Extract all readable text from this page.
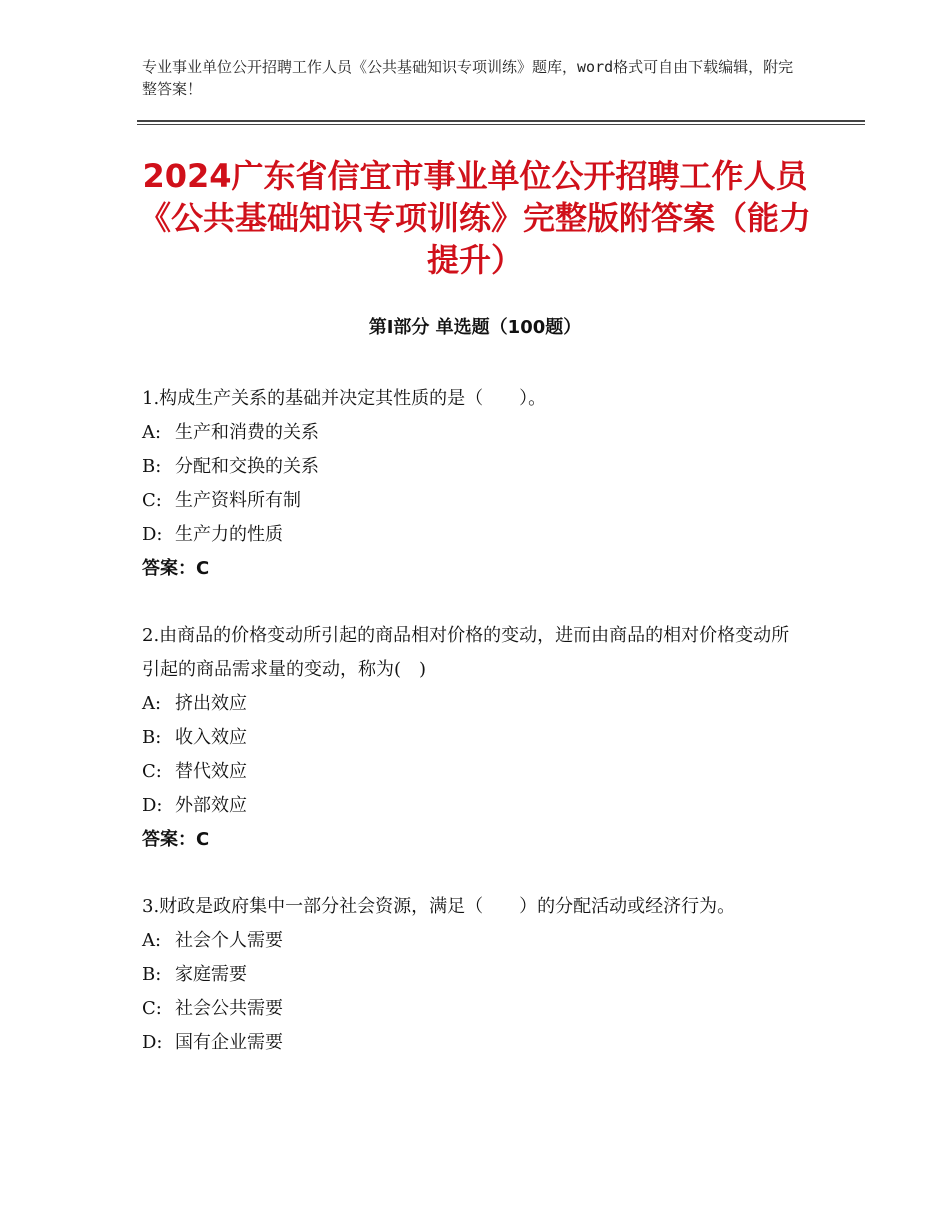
专业事业单位公开招聘工作人员《公共基础知识专项训练》题库，word格式可自由下载编辑，附完整答案！
2024广东省信宜市事业单位公开招聘工作人员《公共基础知识专项训练》完整版附答案（能力提升）
第Ⅰ部分 单选题（100题）

1.构成生产关系的基础并决定其性质的是（　　）。

A: 生产和消费的关系
B: 分配和交换的关系
C: 生产资料所有制
D: 生产力的性质

答案：C

2.由商品的价格变动所引起的商品相对价格的变动，进而由商品的相对价格变动所引起的商品需求量的变动，称为(　)

A: 挤出效应
B: 收入效应
C: 替代效应
D: 外部效应

答案：C

3.财政是政府集中一部分社会资源，满足（　　）的分配活动或经济行为。

A: 社会个人需要
B: 家庭需要
C: 社会公共需要
D: 国有企业需要
